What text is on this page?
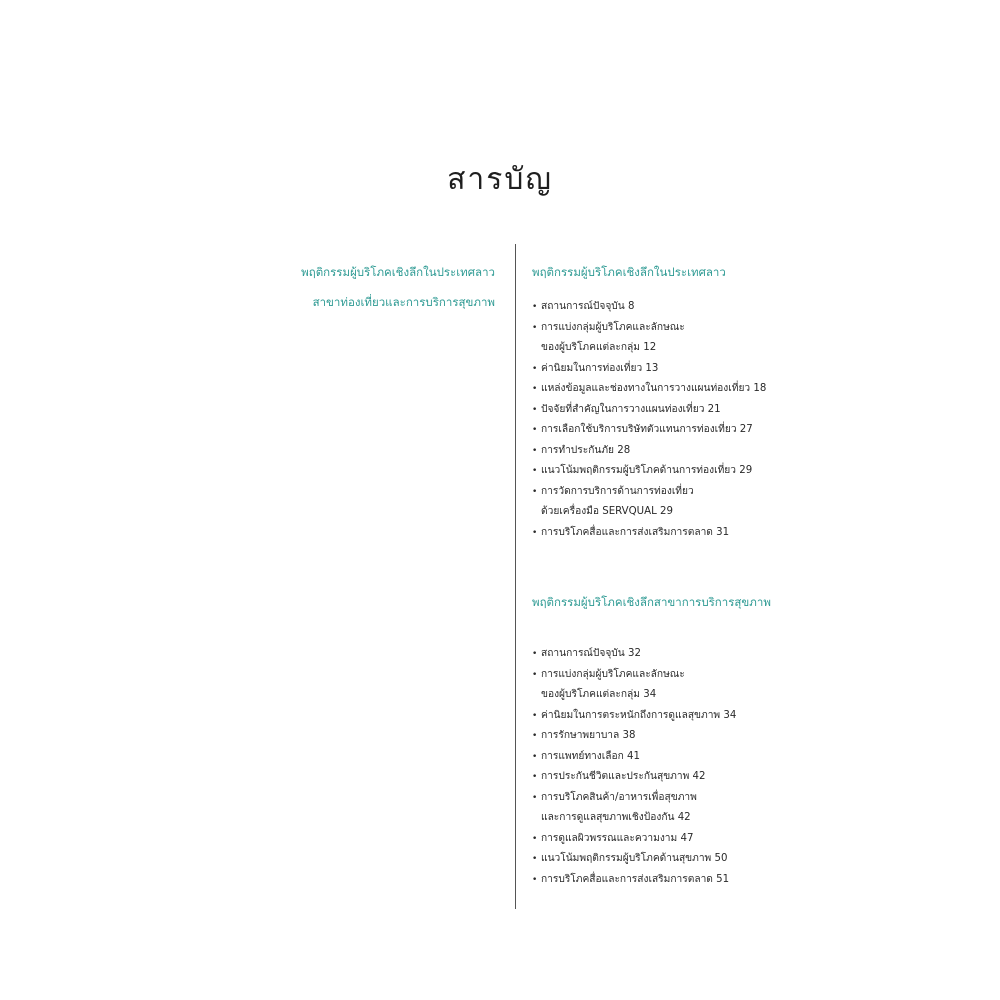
สารบัญ
พฤติกรรมผู้บริโภคเชิงลึกในประเทศลาว
สาขาท่องเที่ยวและการบริการสุขภาพ
พฤติกรรมผู้บริโภคเชิงลึกในประเทศลาว
• สถานการณ์ปัจจุบัน 8
• การแบ่งกลุ่มผู้บริโภคและลักษณะ
ของผู้บริโภคแต่ละกลุ่ม 12
• ค่านิยมในการท่องเที่ยว 13
• แหล่งข้อมูลและช่องทางในการวางแผนท่องเที่ยว 18
• ปัจจัยที่สำคัญในการวางแผนท่องเที่ยว 21
• การเลือกใช้บริการบริษัทตัวแทนการท่องเที่ยว 27
• การทำประกันภัย 28
• แนวโน้มพฤติกรรมผู้บริโภคด้านการท่องเที่ยว 29
• การวัดการบริการด้านการท่องเที่ยว
ด้วยเครื่องมือ SERVQUAL 29
• การบริโภคสื่อและการส่งเสริมการตลาด 31
พฤติกรรมผู้บริโภคเชิงลึกสาขาการบริการสุขภาพ
• สถานการณ์ปัจจุบัน 32
• การแบ่งกลุ่มผู้บริโภคและลักษณะ
ของผู้บริโภคแต่ละกลุ่ม 34
• ค่านิยมในการตระหนักถึงการดูแลสุขภาพ 34
• การรักษาพยาบาล 38
• การแพทย์ทางเลือก 41
• การประกันชีวิตและประกันสุขภาพ 42
• การบริโภคสินค้า/อาหารเพื่อสุขภาพ
และการดูแลสุขภาพเชิงป้องกัน 42
• การดูแลผิวพรรณและความงาม 47
• แนวโน้มพฤติกรรมผู้บริโภคด้านสุขภาพ 50
• การบริโภคสื่อและการส่งเสริมการตลาด 51
